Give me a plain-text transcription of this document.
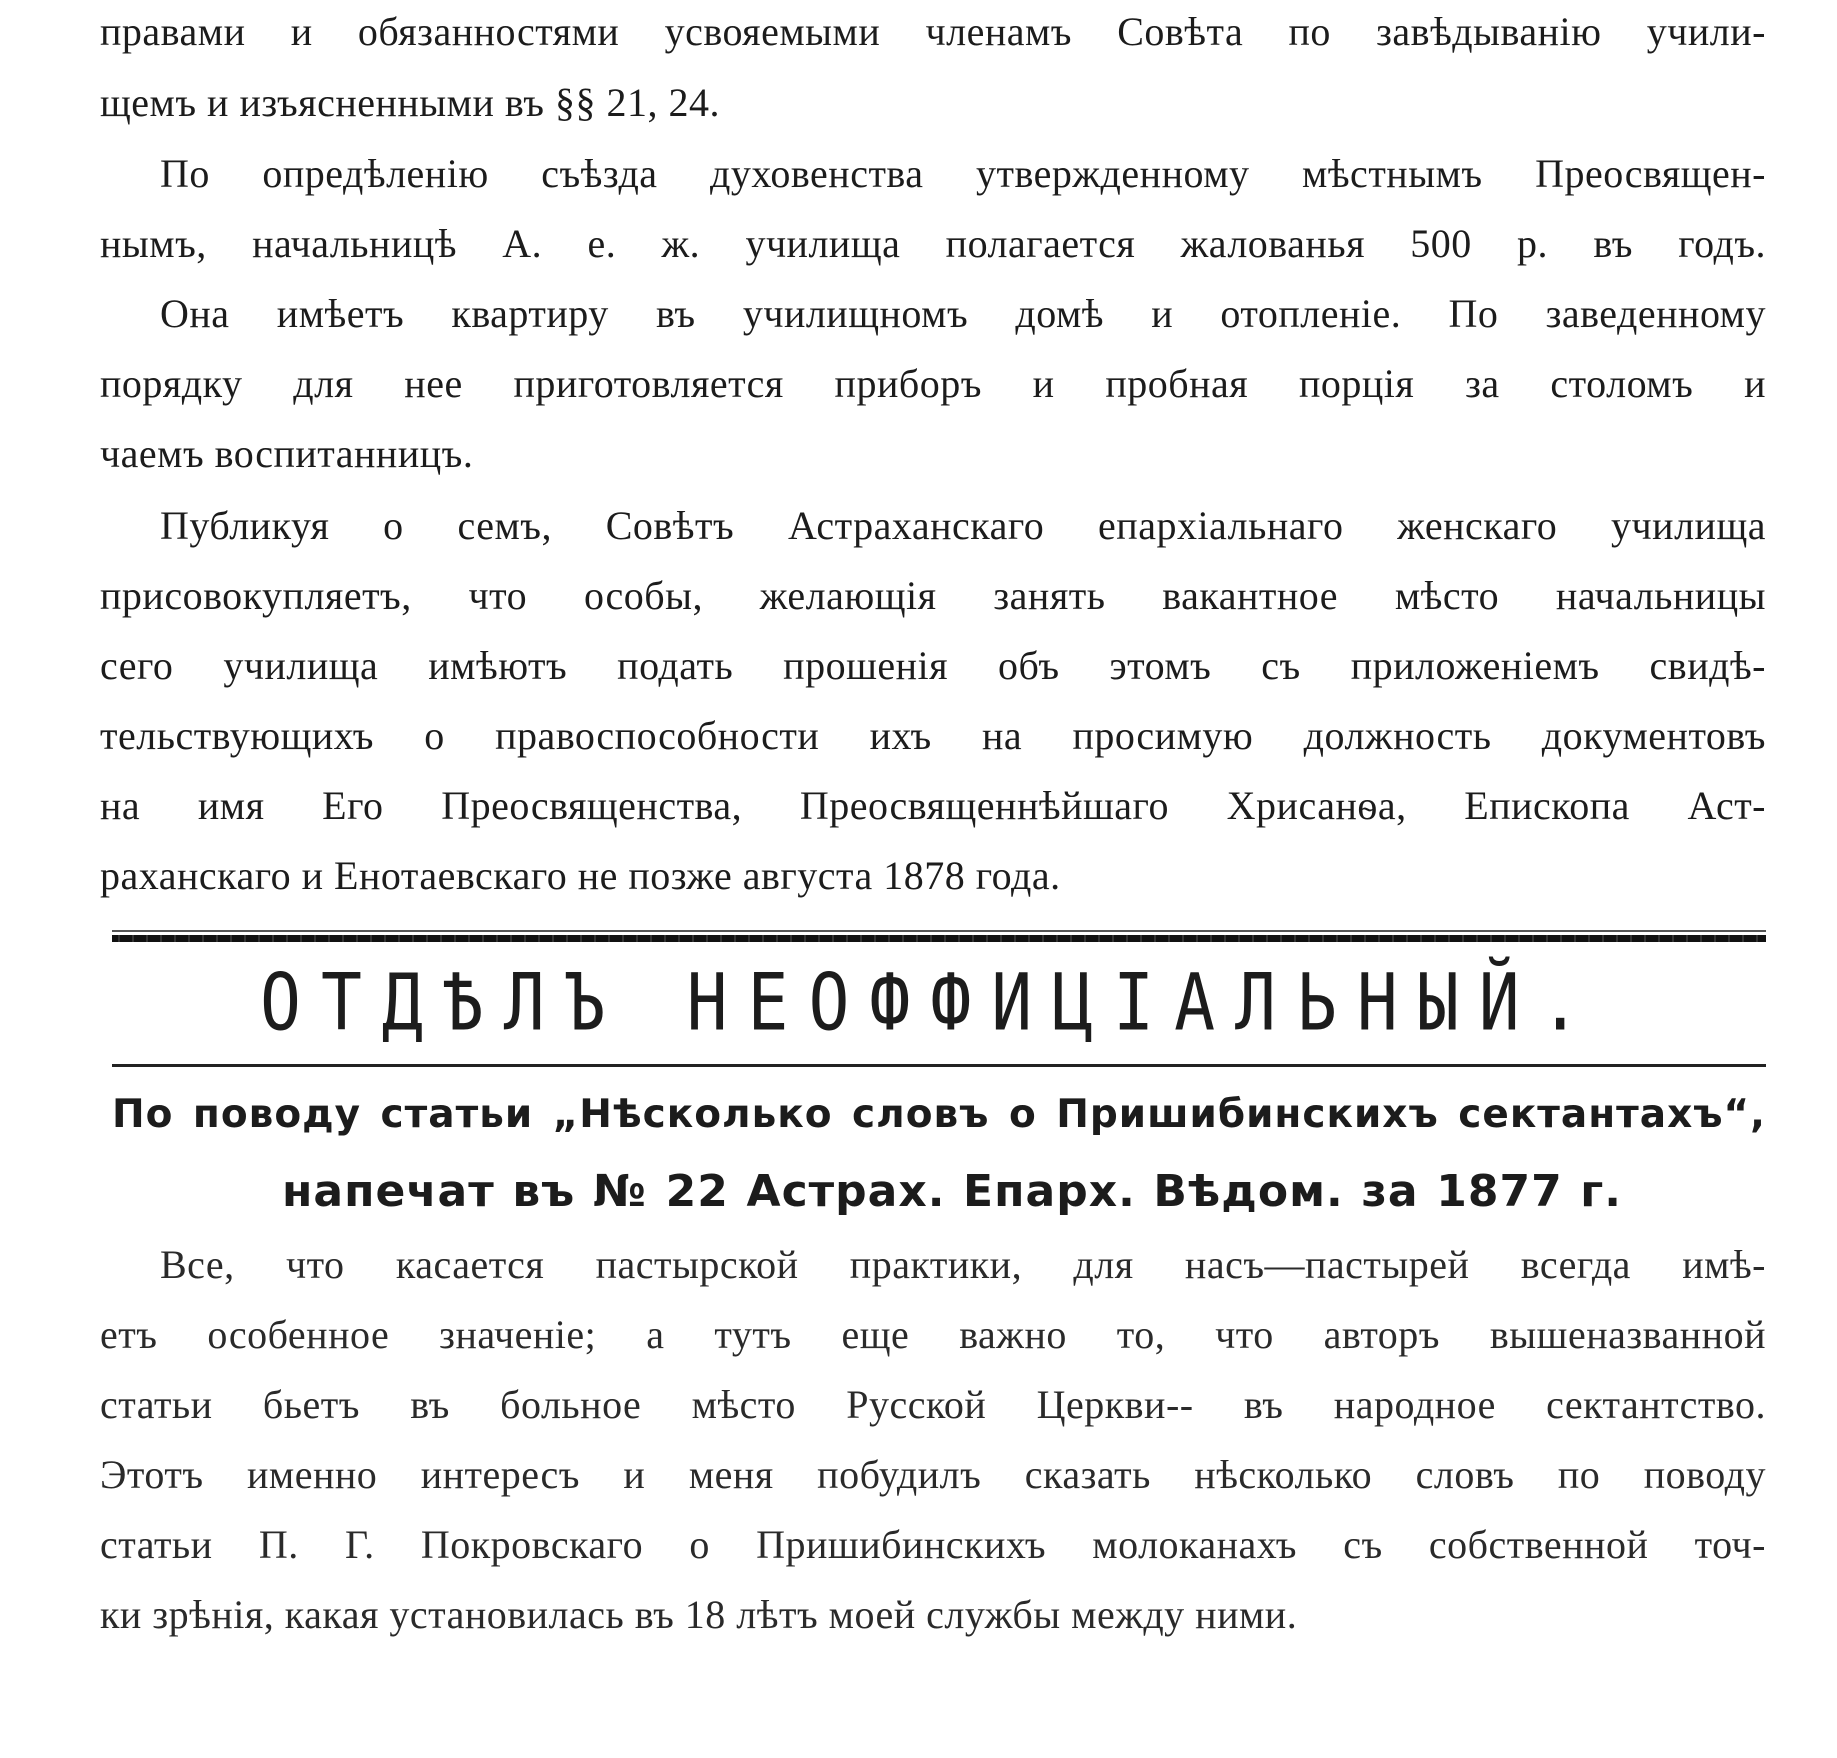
правами и обязанностями усвояемыми членамъ Совѣта по завѣдыванію учили-
щемъ и изъясненными въ §§ 21, 24.
По опредѣленію съѣзда духовенства утвержденному мѣстнымъ Преосвящен-
нымъ, начальницѣ А. е. ж. училища полагается жалованья 500 р. въ годъ.
Она имѣетъ квартиру въ училищномъ домѣ и отопленіе. По заведенному
порядку для нее приготовляется приборъ и пробная порція за столомъ и
чаемъ воспитанницъ.
Публикуя о семъ, Совѣтъ Астраханскаго епархіальнаго женскаго училища
присовокупляетъ, что особы, желающія занять вакантное мѣсто начальницы
сего училища имѣютъ подать прошенія объ этомъ съ приложеніемъ свидѣ-
тельствующихъ о правоспособности ихъ на просимую должность документовъ
на имя Его Преосвященства, Преосвященнѣйшаго Хрисанѳа, Епископа Аст-
раханскаго и Енотаевскаго не позже августа 1878 года.
ОТДѢЛЪ НЕОФФИЦІАЛЬНЫЙ.
По поводу статьи „Нѣсколько словъ о Пришибинскихъ сектантахъ“,
напечат въ № 22 Астрах. Епарх. Вѣдом. за 1877 г.
Все, что касается пастырской практики, для насъ—пастырей всегда имѣ-
етъ особенное значеніе; а тутъ еще важно то, что авторъ вышеназванной
статьи бьетъ въ больное мѣсто Русской Церкви-- въ народное сектантство.
Этотъ именно интересъ и меня побудилъ сказать нѣсколько словъ по поводу
статьи П. Г. Покровскаго о Пришибинскихъ молоканахъ съ собственной точ-
ки зрѣнія, какая установилась въ 18 лѣтъ моей службы между ними.
